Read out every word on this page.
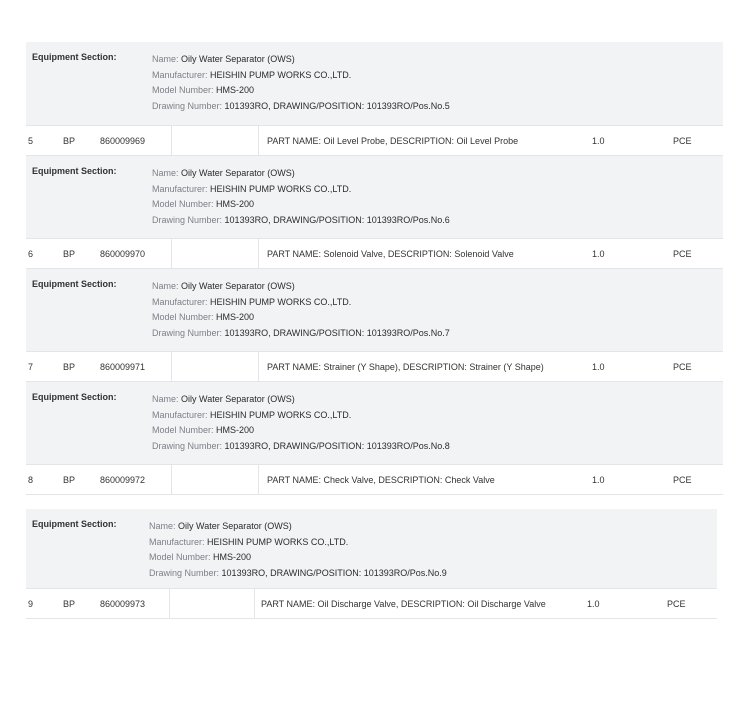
Equipment Section:	Name: Oily Water Separator (OWS)
Manufacturer: HEISHIN PUMP WORKS CO.,LTD.
Model Number: HMS-200
Drawing Number: 101393RO, DRAWING/POSITION: 101393RO/Pos.No.5
5	BP	860009969	PART NAME: Oil Level Probe, DESCRIPTION: Oil Level Probe	1.0	PCE
Equipment Section:	Name: Oily Water Separator (OWS)
Manufacturer: HEISHIN PUMP WORKS CO.,LTD.
Model Number: HMS-200
Drawing Number: 101393RO, DRAWING/POSITION: 101393RO/Pos.No.6
6	BP	860009970	PART NAME: Solenoid Valve, DESCRIPTION: Solenoid Valve	1.0	PCE
Equipment Section:	Name: Oily Water Separator (OWS)
Manufacturer: HEISHIN PUMP WORKS CO.,LTD.
Model Number: HMS-200
Drawing Number: 101393RO, DRAWING/POSITION: 101393RO/Pos.No.7
7	BP	860009971	PART NAME: Strainer (Y Shape), DESCRIPTION: Strainer (Y Shape)	1.0	PCE
Equipment Section:	Name: Oily Water Separator (OWS)
Manufacturer: HEISHIN PUMP WORKS CO.,LTD.
Model Number: HMS-200
Drawing Number: 101393RO, DRAWING/POSITION: 101393RO/Pos.No.8
8	BP	860009972	PART NAME: Check Valve, DESCRIPTION: Check Valve	1.0	PCE
Equipment Section:	Name: Oily Water Separator (OWS)
Manufacturer: HEISHIN PUMP WORKS CO.,LTD.
Model Number: HMS-200
Drawing Number: 101393RO, DRAWING/POSITION: 101393RO/Pos.No.9
9	BP	860009973	PART NAME: Oil Discharge Valve, DESCRIPTION: Oil Discharge Valve	1.0	PCE
